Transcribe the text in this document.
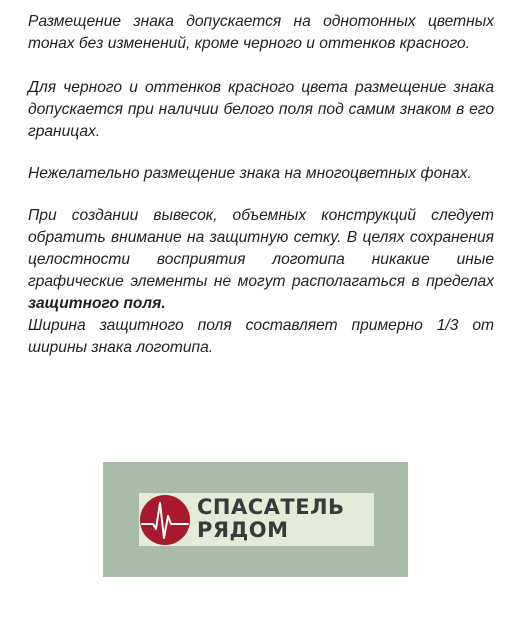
Размещение знака допускается на однотонных цветных тонах без изменений, кроме черного и оттенков красного.

Для черного и оттенков красного цвета размещение знака допускается при наличии белого поля под самим знаком в его границах.

Нежелательно размещение знака на многоцветных фонах.

При создании вывесок, объемных конструкций следует обратить внимание на защитную сетку. В целях сохранения целостности восприятия логотипа никакие иные графические элементы не могут располагаться в пределах защитного поля.

Ширина защитного поля составляет примерно 1/3 от ширины знака логотипа.

СПАСАТЕЛЬ
РЯДОМ
